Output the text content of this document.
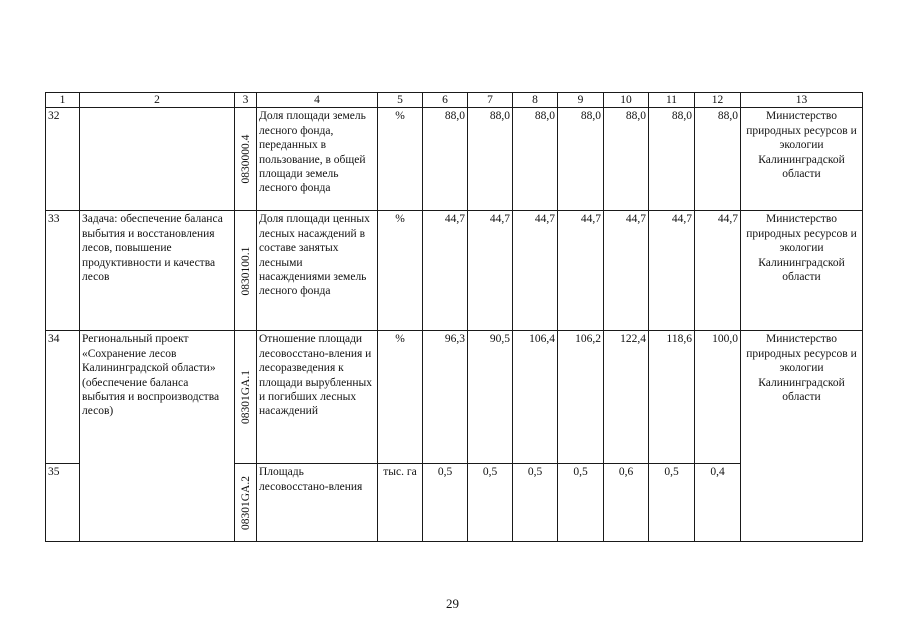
1	2	3	4	5	6	7	8	9	10	11	12	13
32		0830000.4	Доля площади земель лесного фонда, переданных в пользование, в общей площади земель лесного фонда	%	88,0	88,0	88,0	88,0	88,0	88,0	88,0	Министерство природных ресурсов и экологии Калининградской области
33	Задача: обеспечение баланса выбытия и восстановления лесов, повышение продуктивности и качества лесов	0830100.1	Доля площади ценных лесных насаждений в составе занятых лесными насаждениями земель лесного фонда	%	44,7	44,7	44,7	44,7	44,7	44,7	44,7	Министерство природных ресурсов и экологии Калининградской области
34	Региональный проект «Сохранение лесов Калининградской области» (обеспечение баланса выбытия и воспроизводства лесов)	08301GA.1	Отношение площади лесовосстано-вления и лесоразведения к площади вырубленных и погибших лесных насаждений	%	96,3	90,5	106,4	106,2	122,4	118,6	100,0	Министерство природных ресурсов и экологии Калининградской области
35		08301GA.2	Площадь лесовосстано-вления	тыс. га	0,5	0,5	0,5	0,5	0,6	0,5	0,4	
29
